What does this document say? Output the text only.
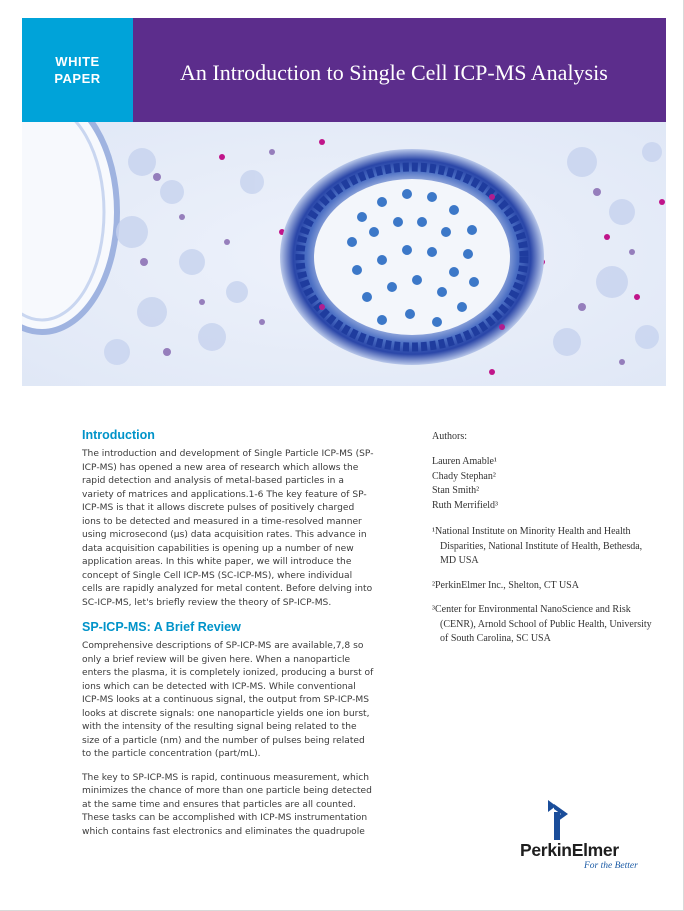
WHITE
PAPER	An Introduction to Single Cell ICP-MS Analysis
Introduction

The introduction and development of Single Particle ICP-MS (SP-ICP-MS) has opened a new area of research which allows the rapid detection and analysis of metal-based particles in a variety of matrices and applications.1-6 The key feature of SP-ICP-MS is that it allows discrete pulses of positively charged ions to be detected and measured in a time-resolved manner using microsecond (μs) data acquisition rates. This advance in data acquisition capabilities is opening up a number of new application areas. In this white paper, we will introduce the concept of Single Cell ICP-MS (SC-ICP-MS), where individual cells are rapidly analyzed for metal content. Before delving into SC-ICP-MS, let's briefly review the theory of SP-ICP-MS.

SP-ICP-MS: A Brief Review

Comprehensive descriptions of SP-ICP-MS are available,7,8 so only a brief review will be given here. When a nanoparticle enters the plasma, it is completely ionized, producing a burst of ions which can be detected with ICP-MS. While conventional ICP-MS looks at a continuous signal, the output from SP-ICP-MS looks at discrete signals: one nanoparticle yields one ion burst, with the intensity of the resulting signal being related to the size of a particle (nm) and the number of pulses being related to the particle concentration (part/mL).

The key to SP-ICP-MS is rapid, continuous measurement, which minimizes the chance of more than one particle being detected at the same time and ensures that particles are all counted. These tasks can be accomplished with ICP-MS instrumentation which contains fast electronics and eliminates the quadrupole

Authors:
Lauren Amable¹
Chady Stephan²
Stan Smith²
Ruth Merrifield³
¹National Institute on Minority Health and Health Disparities, National Institute of Health, Bethesda, MD USA
²PerkinElmer Inc., Shelton, CT USA
³Center for Environmental NanoScience and Risk (CENR), Arnold School of Public Health, University of South Carolina, SC USA
PerkinElmer
For the Better
